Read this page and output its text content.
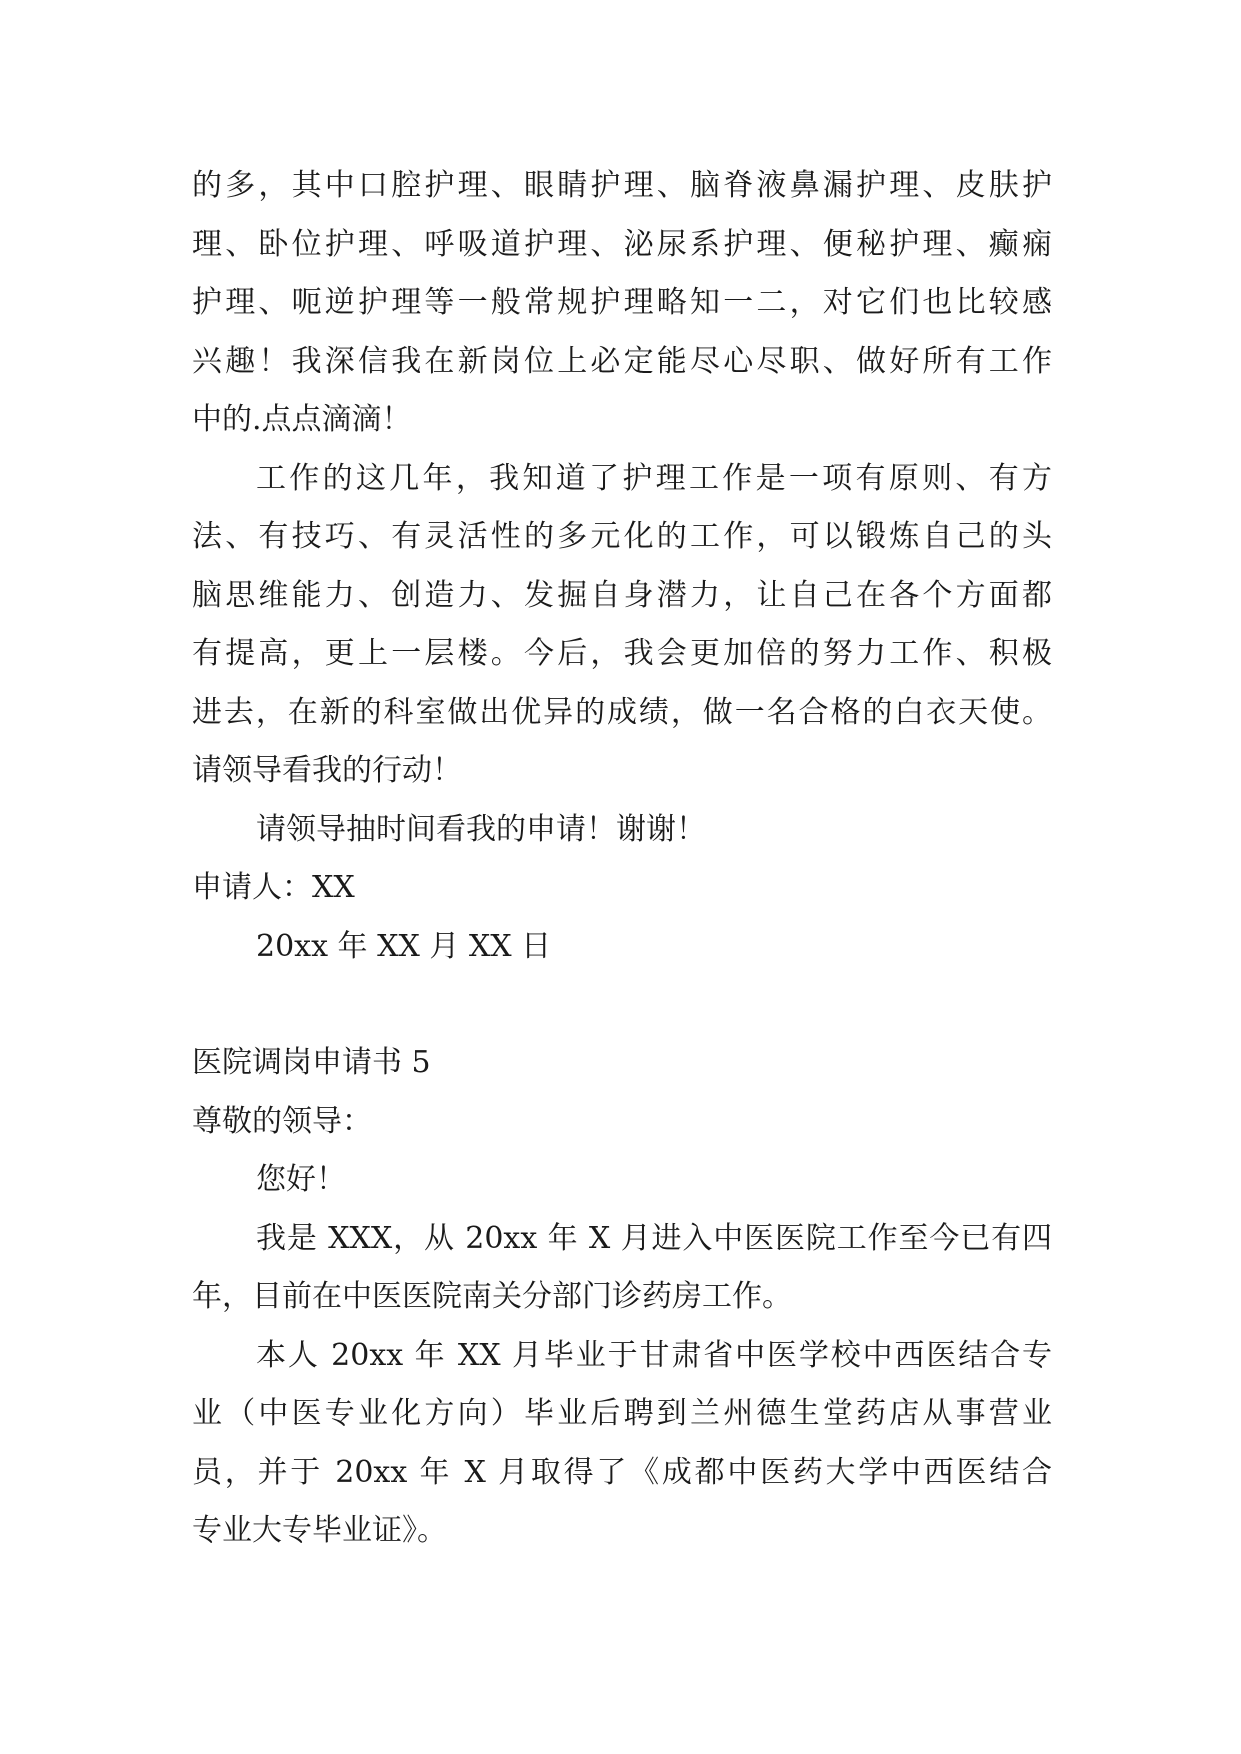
的多，其中口腔护理、眼睛护理、脑脊液鼻漏护理、皮肤护
理、卧位护理、呼吸道护理、泌尿系护理、便秘护理、癫痫
护理、呃逆护理等一般常规护理略知一二，对它们也比较感
兴趣！我深信我在新岗位上必定能尽心尽职、做好所有工作
中的.点点滴滴！
工作的这几年，我知道了护理工作是一项有原则、有方
法、有技巧、有灵活性的多元化的工作，可以锻炼自己的头
脑思维能力、创造力、发掘自身潜力，让自己在各个方面都
有提高，更上一层楼。今后，我会更加倍的努力工作、积极
进去，在新的科室做出优异的成绩，做一名合格的白衣天使。
请领导看我的行动！
请领导抽时间看我的申请！谢谢！
申请人：XX
20xx 年 XX 月 XX 日
医院调岗申请书 5
尊敬的领导：
您好！
我是 XXX，从 20xx 年 X 月进入中医医院工作至今已有四
年，目前在中医医院南关分部门诊药房工作。
本人 20xx 年 XX 月毕业于甘肃省中医学校中西医结合专
业（中医专业化方向）毕业后聘到兰州德生堂药店从事营业
员，并于 20xx 年 X 月取得了《成都中医药大学中西医结合
专业大专毕业证》。
